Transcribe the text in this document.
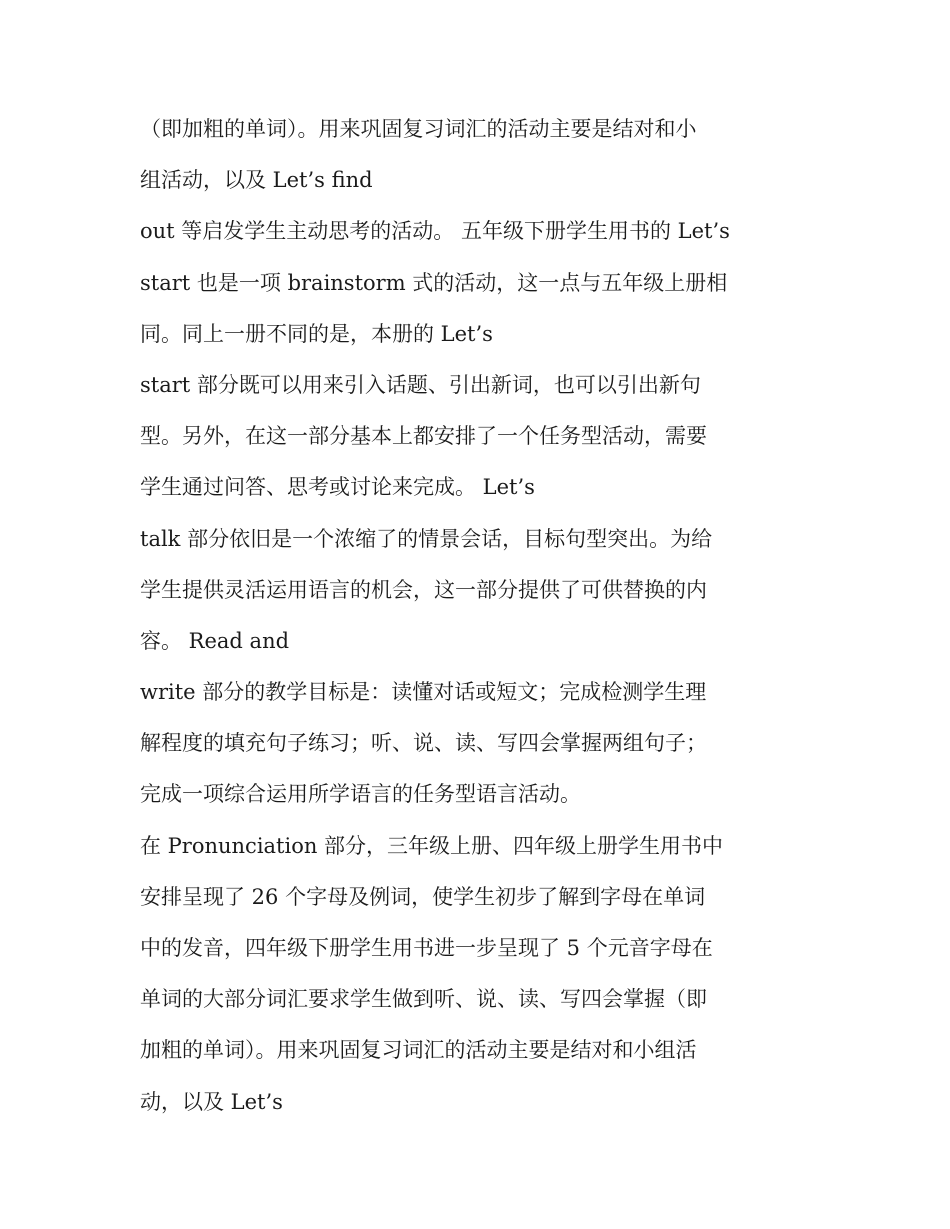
（即加粗的单词）。用来巩固复习词汇的活动主要是结对和小
组活动，以及 Let’s find
out 等启发学生主动思考的活动。 五年级下册学生用书的 Let’s
start 也是一项 brainstorm 式的活动，这一点与五年级上册相
同。同上一册不同的是，本册的 Let’s
start 部分既可以用来引入话题、引出新词，也可以引出新句
型。另外，在这一部分基本上都安排了一个任务型活动，需要
学生通过问答、思考或讨论来完成。 Let’s
talk 部分依旧是一个浓缩了的情景会话，目标句型突出。为给
学生提供灵活运用语言的机会，这一部分提供了可供替换的内
容。 Read and
write 部分的教学目标是：读懂对话或短文；完成检测学生理
解程度的填充句子练习；听、说、读、写四会掌握两组句子；
完成一项综合运用所学语言的任务型语言活动。
在 Pronunciation 部分，三年级上册、四年级上册学生用书中
安排呈现了 26 个字母及例词，使学生初步了解到字母在单词
中的发音，四年级下册学生用书进一步呈现了 5 个元音字母在
单词的大部分词汇要求学生做到听、说、读、写四会掌握（即
加粗的单词）。用来巩固复习词汇的活动主要是结对和小组活
动，以及 Let’s
